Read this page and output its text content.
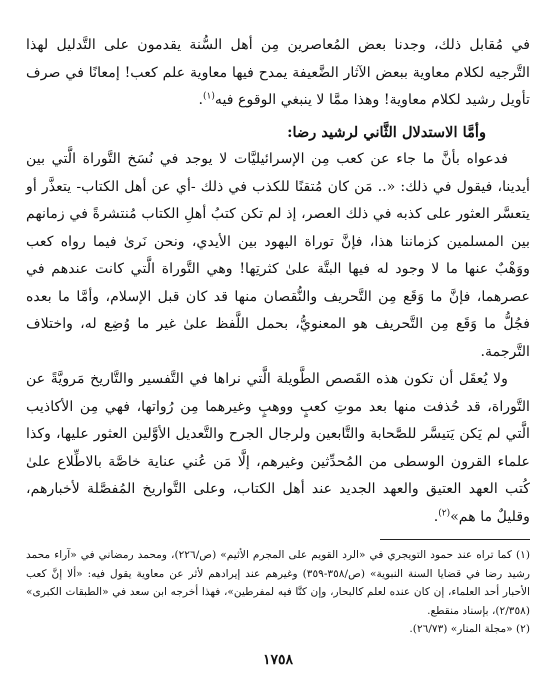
في مُقابل ذلك، وجدنا بعض المُعاصرين مِن أهل السُّنة يقدمون على التَّدليل لهذا التَّرجيه لكلام معاوية ببعض الآثار الضَّعيفة يمدح فيها معاوية علم كعب! إمعانًا في صرف تأويل رشيد لكلام معاوية! وهذا ممَّا لا ينبغي الوقوع فيه$^{(١)}$.

وأمَّا الاستدلال الثَّاني لرشيد رضا:

فدعواه بأنَّ ما جاء عن كعب مِن الإسرائيليَّات لا يوجد في نُسَخ التَّوراة الَّتي بين أيدينا، فيقول في ذلك: «.. مَن كان مُتقنًا للكذب في ذلك -أي عن أهل الكتاب- يتعذَّر أو يتعسَّر العثور على كذبه في ذلك العصر، إذ لم تكن كتبُ أهلِ الكتاب مُنتشرةً في زمانهم بين المسلمين كزماننا هذا، فإنَّ توراة اليهود بين الأيدي، ونحن نَرىٰ فيما رواه كعب ووَهْبٌ عنها ما لا وجود له فيها البتَّة علىٰ كثرتِها! وهي التَّوراة الَّتي كانت عندهم في عصرهما، فإنَّ ما وَقَع مِن التَّحريف والنُّقصان منها قد كان قبل الإسلام، وأمَّا ما بعده فجُلُّ ما وَقَع مِن التَّحريف هو المعنويُّ، بحمل اللَّفظ علىٰ غير ما وُضِع له، واختلاف التَّرجمة.

ولا يُعقَل أن تكون هذه القَصص الطَّويلة الَّتي نراها في التَّفسير والتَّاريخ مَرويَّةً عن التَّوراة، قد حُذفت منها بعد موتِ كعبٍ ووهبٍ وغيرهما مِن رُواتها، فهي مِن الأكاذيب الَّتي لم يَكن يَتيسَّر للصَّحابة والتَّابعين ولرجال الجرح والتَّعديل الأوَّلين العثور عليها، وكذا علماء القرون الوسطى من المُحدِّثين وغيرهم، إلَّا مَن عُني عناية خاصَّة بالاطِّلاع علىٰ كُتب العهد العتيق والعهد الجديد عند أهل الكتاب، وعلى التَّواريخ المُفصَّلة لأخبارهم، وقليلٌ ما هم»$^{(٢)}$.

(١) كما تراه عند حمود التويجري في «الرد القويم على المجرم الأثيم» (ص/٢٢٦)، ومحمد رمضاني في «آراء محمد رشيد رضا في قضايا السنة النبوية» (ص/٣٥٨-٣٥٩) وغيرهم عند إيرادهم لأثر عن معاوية يقول فيه: «ألا إنَّ كعب الأحبار أحد العلماء، إن كان عنده لعلم كالبحار، وإن كنَّا فيه لمفرطين»، فهذا أخرجه ابن سعد في «الطبقات الكبرى» (٢/٣٥٨)، بإسناد منقطع.

(٢) «مجلة المنار» (٢٦/٧٣).

١٧٥٨
